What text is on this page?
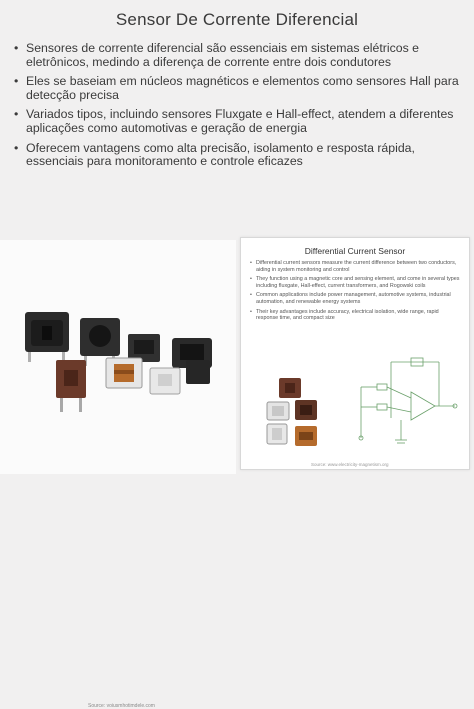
Sensor De Corrente Diferencial
• Sensores de corrente diferencial são essenciais em sistemas elétricos e eletrônicos, medindo a diferença de corrente entre dois condutores
• Eles se baseiam em núcleos magnéticos e elementos como sensores Hall para detecção precisa
• Variados tipos, incluindo sensores Fluxgate e Hall-effect, atendem a diferentes aplicações como automotivas e geração de energia
• Oferecem vantagens como alta precisão, isolamento e resposta rápida, essenciais para monitoramento e controle eficazes
Source: voiusmhotimdele.com
Differential Current Sensor
• Differential current sensors measure the current difference between two conductors, aiding in system monitoring and control
• They function using a magnetic core and sensing element, and come in several types including fluxgate, Hall-effect, current transformers, and Rogowski coils
• Common applications include power management, automotive systems, industrial automation, and renewable energy systems
• Their key advantages include accuracy, electrical isolation, wide range, rapid response time, and compact size
Source: www.electricity-magnetism.org
